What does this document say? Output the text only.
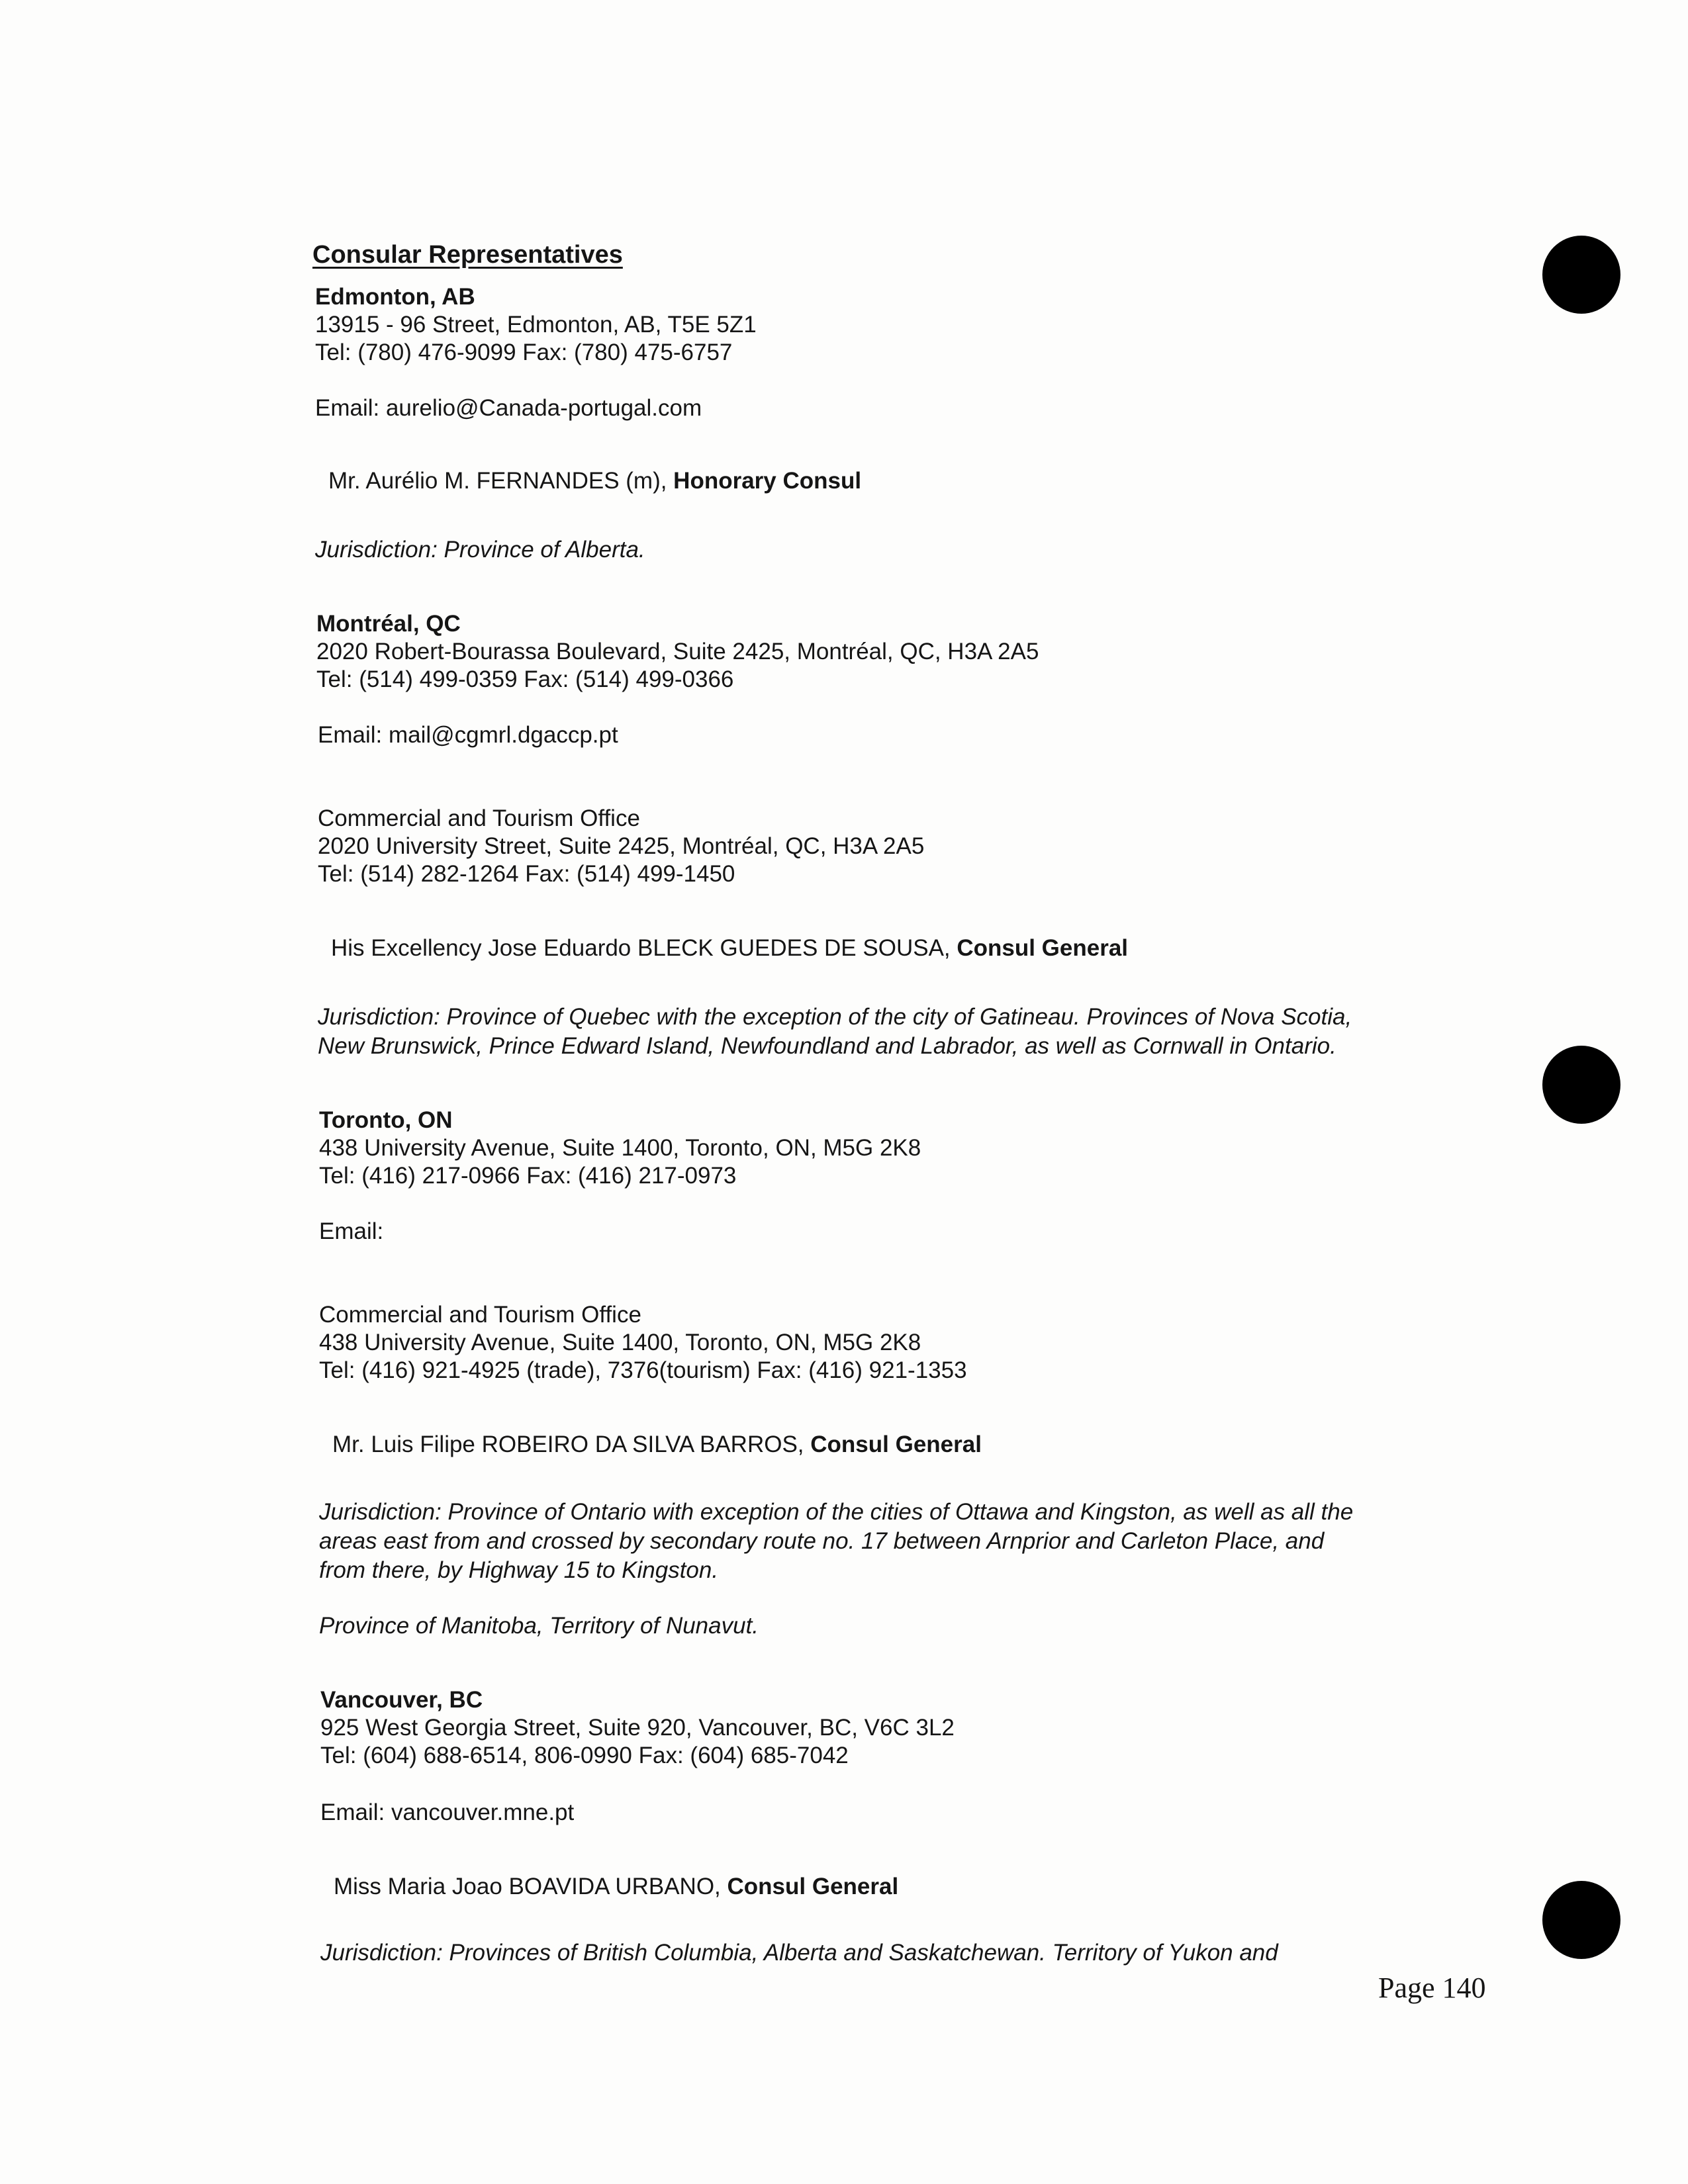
Consular Representatives
Edmonton, AB
13915 - 96 Street, Edmonton, AB, T5E 5Z1
Tel: (780) 476-9099 Fax: (780) 475-6757
Email: aurelio@Canada-portugal.com
Mr. Aurélio M. FERNANDES (m), Honorary Consul
Jurisdiction: Province of Alberta.
Montréal, QC
2020 Robert-Bourassa Boulevard, Suite 2425, Montréal, QC, H3A 2A5
Tel: (514) 499-0359 Fax: (514) 499-0366
Email: mail@cgmrl.dgaccp.pt
Commercial and Tourism Office
2020 University Street, Suite 2425, Montréal, QC, H3A 2A5
Tel: (514) 282-1264 Fax: (514) 499-1450
His Excellency Jose Eduardo BLECK GUEDES DE SOUSA, Consul General
Jurisdiction: Province of Quebec with the exception of the city of Gatineau. Provinces of Nova Scotia,
New Brunswick, Prince Edward Island, Newfoundland and Labrador, as well as Cornwall in Ontario.
Toronto, ON
438 University Avenue, Suite 1400, Toronto, ON, M5G 2K8
Tel: (416) 217-0966 Fax: (416) 217-0973
Email:
Commercial and Tourism Office
438 University Avenue, Suite 1400, Toronto, ON, M5G 2K8
Tel: (416) 921-4925 (trade), 7376(tourism) Fax: (416) 921-1353
Mr. Luis Filipe ROBEIRO DA SILVA BARROS, Consul General
Jurisdiction: Province of Ontario with exception of the cities of Ottawa and Kingston, as well as all the
areas east from and crossed by secondary route no. 17 between Arnprior and Carleton Place, and
from there, by Highway 15 to Kingston.
Province of Manitoba, Territory of Nunavut.
Vancouver, BC
925 West Georgia Street, Suite 920, Vancouver, BC, V6C 3L2
Tel: (604) 688-6514, 806-0990 Fax: (604) 685-7042
Email: vancouver.mne.pt
Miss Maria Joao BOAVIDA URBANO, Consul General
Jurisdiction: Provinces of British Columbia, Alberta and Saskatchewan. Territory of Yukon and
Page 140
